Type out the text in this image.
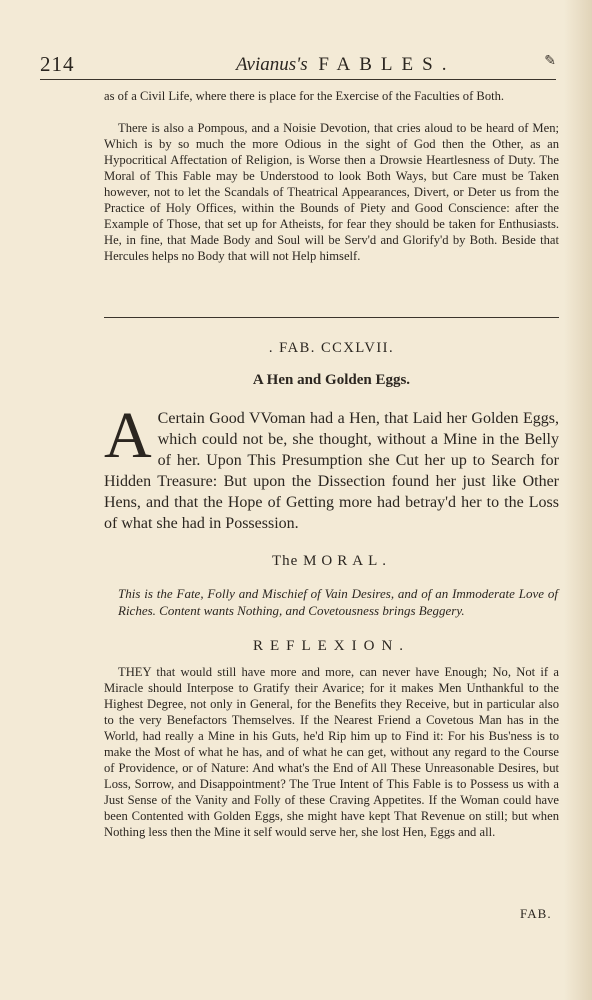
214	Avianus's FABLES.	✎
as of a Civil Life, where there is place for the Exercise of the Faculties of Both.
There is also a Pompous, and a Noisie Devotion, that cries aloud to be heard of Men; Which is by so much the more Odious in the sight of God then the Other, as an Hypocritical Affectation of Religion, is Worse then a Drowsie Heartlesness of Duty. The Moral of This Fable may be Understood to look Both Ways, but Care must be Taken however, not to let the Scandals of Theatrical Appearances, Divert, or Deter us from the Practice of Holy Offices, within the Bounds of Piety and Good Conscience: after the Example of Those, that set up for Atheists, for fear they should be taken for Enthusiasts. He, in fine, that Made Body and Soul will be Serv'd and Glorify'd by Both. Beside that Hercules helps no Body that will not Help himself.
. FAB. CCXLVII.
A Hen and Golden Eggs.
A Certain Good VVoman had a Hen, that Laid her Golden Eggs, which could not be, she thought, without a Mine in the Belly of her. Upon This Presumption she Cut her up to Search for Hidden Treasure: But upon the Dissection found her just like Other Hens, and that the Hope of Getting more had betray'd her to the Loss of what she had in Possession.
The MORAL.
This is the Fate, Folly and Mischief of Vain Desires, and of an Immoderate Love of Riches. Content wants Nothing, and Covetousness brings Beggery.
REFLEXION.
THEY that would still have more and more, can never have Enough; No, Not if a Miracle should Interpose to Gratify their Avarice; for it makes Men Unthankful to the Highest Degree, not only in General, for the Benefits they Receive, but in particular also to the very Benefactors Themselves. If the Nearest Friend a Covetous Man has in the World, had really a Mine in his Guts, he'd Rip him up to Find it: For his Bus'ness is to make the Most of what he has, and of what he can get, without any regard to the Course of Providence, or of Nature: And what's the End of All These Unreasonable Desires, but Loss, Sorrow, and Disappointment? The True Intent of This Fable is to Possess us with a Just Sense of the Vanity and Folly of these Craving Appetites. If the Woman could have been Contented with Golden Eggs, she might have kept That Revenue on still; but when Nothing less then the Mine it self would serve her, she lost Hen, Eggs and all.
FAB.
